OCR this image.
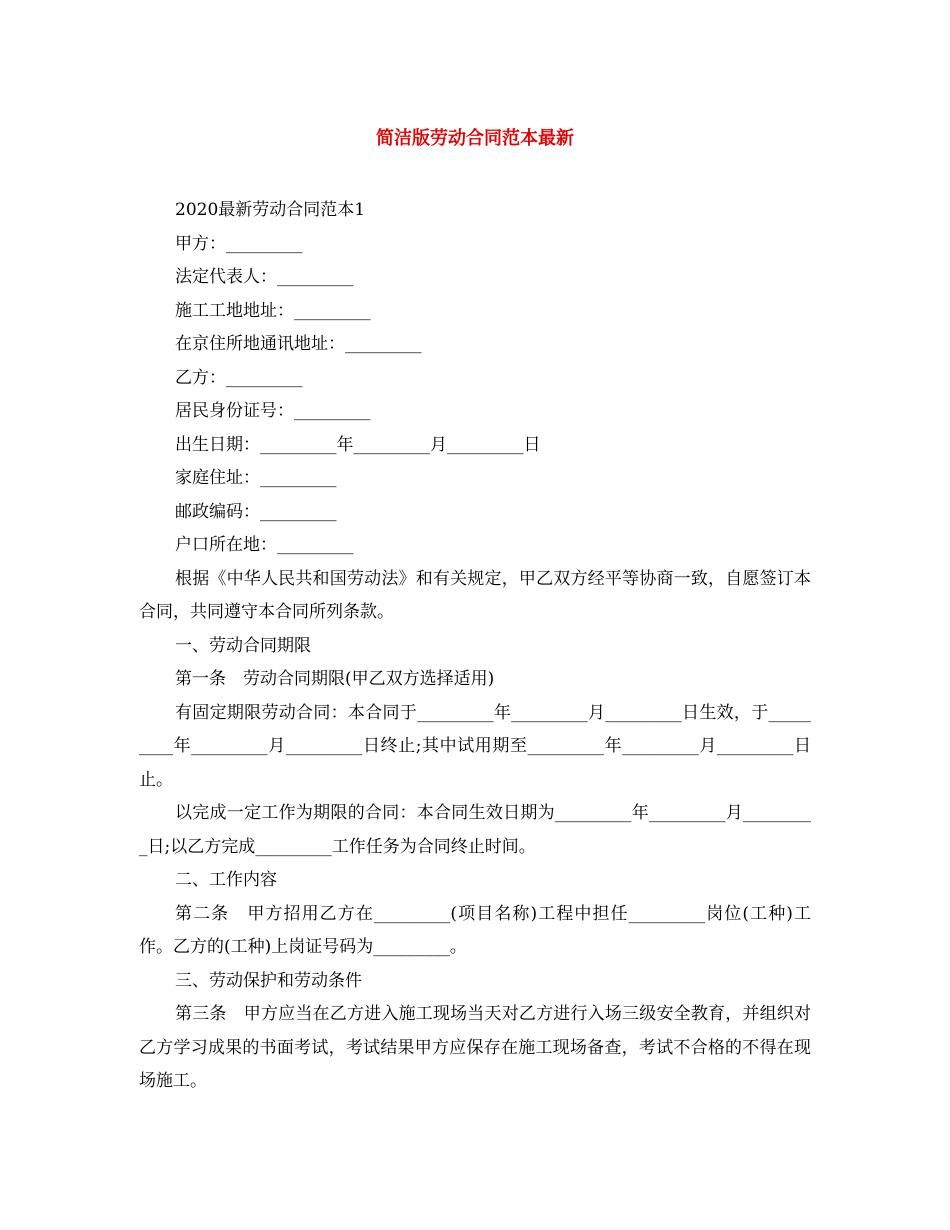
简洁版劳动合同范本最新

2020最新劳动合同范本1

甲方：_________

法定代表人：_________

施工工地地址：_________

在京住所地通讯地址：_________

乙方：_________

居民身份证号：_________

出生日期：_________年_________月_________日

家庭住址：_________

邮政编码：_________

户口所在地：_________

根据《中华人民共和国劳动法》和有关规定，甲乙双方经平等协商一致，自愿签订本合同，共同遵守本合同所列条款。

一、劳动合同期限

第一条　劳动合同期限(甲乙双方选择适用)

有固定期限劳动合同：本合同于_________年_________月_________日生效，于_________年_________月_________日终止;其中试用期至_________年_________月_________日止。

以完成一定工作为期限的合同：本合同生效日期为_________年_________月_________日;以乙方完成_________工作任务为合同终止时间。

二、工作内容

第二条　甲方招用乙方在_________(项目名称)工程中担任_________岗位(工种)工作。乙方的(工种)上岗证号码为_________。

三、劳动保护和劳动条件

第三条　甲方应当在乙方进入施工现场当天对乙方进行入场三级安全教育，并组织对乙方学习成果的书面考试，考试结果甲方应保存在施工现场备查，考试不合格的不得在现场施工。
